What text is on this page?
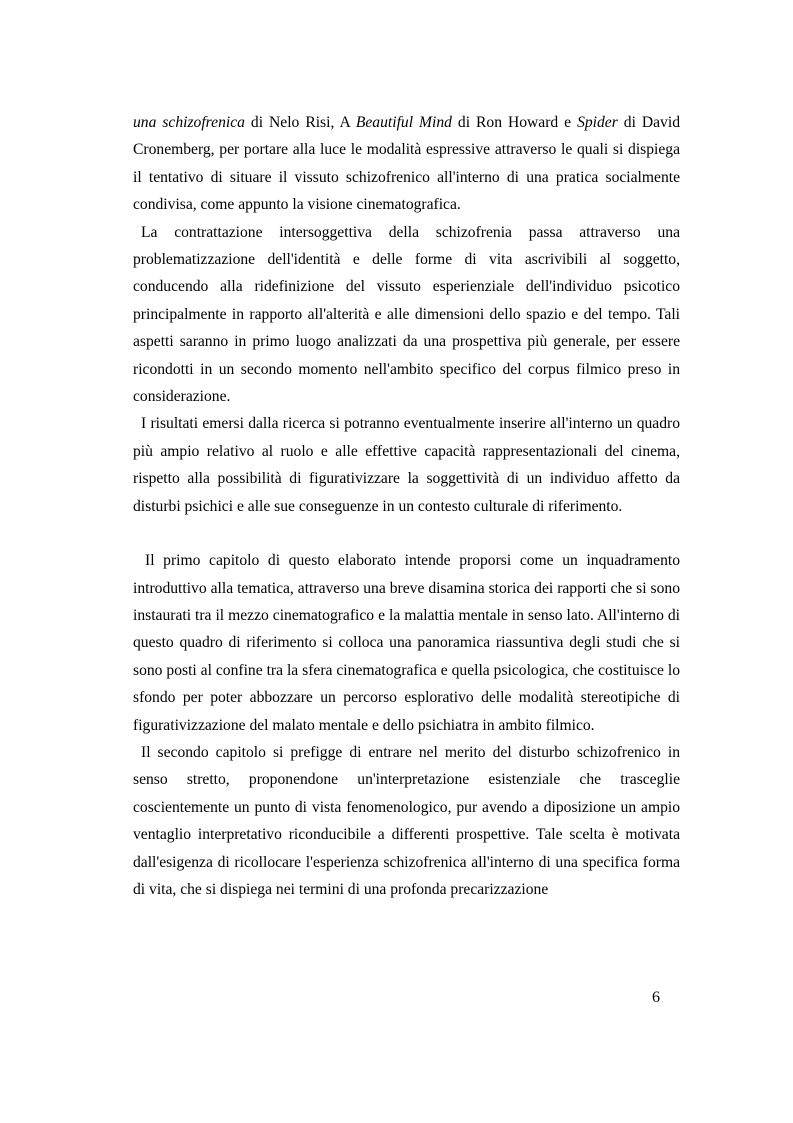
una schizofrenica di Nelo Risi, A Beautiful Mind di Ron Howard e Spider di David Cronemberg, per portare alla luce le modalità espressive attraverso le quali si dispiega il tentativo di situare il vissuto schizofrenico all'interno di una pratica socialmente condivisa, come appunto la visione cinematografica.

La contrattazione intersoggettiva della schizofrenia passa attraverso una problematizzazione dell'identità e delle forme di vita ascrivibili al soggetto, conducendo alla ridefinizione del vissuto esperienziale dell'individuo psicotico principalmente in rapporto all'alterità e alle dimensioni dello spazio e del tempo. Tali aspetti saranno in primo luogo analizzati da una prospettiva più generale, per essere ricondotti in un secondo momento nell'ambito specifico del corpus filmico preso in considerazione.

I risultati emersi dalla ricerca si potranno eventualmente inserire all'interno un quadro più ampio relativo al ruolo e alle effettive capacità rappresentazionali del cinema, rispetto alla possibilità di figurativizzare la soggettività di un individuo affetto da disturbi psichici e alle sue conseguenze in un contesto culturale di riferimento.

Il primo capitolo di questo elaborato intende proporsi come un inquadramento introduttivo alla tematica, attraverso una breve disamina storica dei rapporti che si sono instaurati tra il mezzo cinematografico e la malattia mentale in senso lato. All'interno di questo quadro di riferimento si colloca una panoramica riassuntiva degli studi che si sono posti al confine tra la sfera cinematografica e quella psicologica, che costituisce lo sfondo per poter abbozzare un percorso esplorativo delle modalità stereotipiche di figurativizzazione del malato mentale e dello psichiatra in ambito filmico.

Il secondo capitolo si prefigge di entrare nel merito del disturbo schizofrenico in senso stretto, proponendone un'interpretazione esistenziale che trasceglie coscientemente un punto di vista fenomenologico, pur avendo a diposizione un ampio ventaglio interpretativo riconducibile a differenti prospettive. Tale scelta è motivata dall'esigenza di ricollocare l'esperienza schizofrenica all'interno di una specifica forma di vita, che si dispiega nei termini di una profonda precarizzazione

6
